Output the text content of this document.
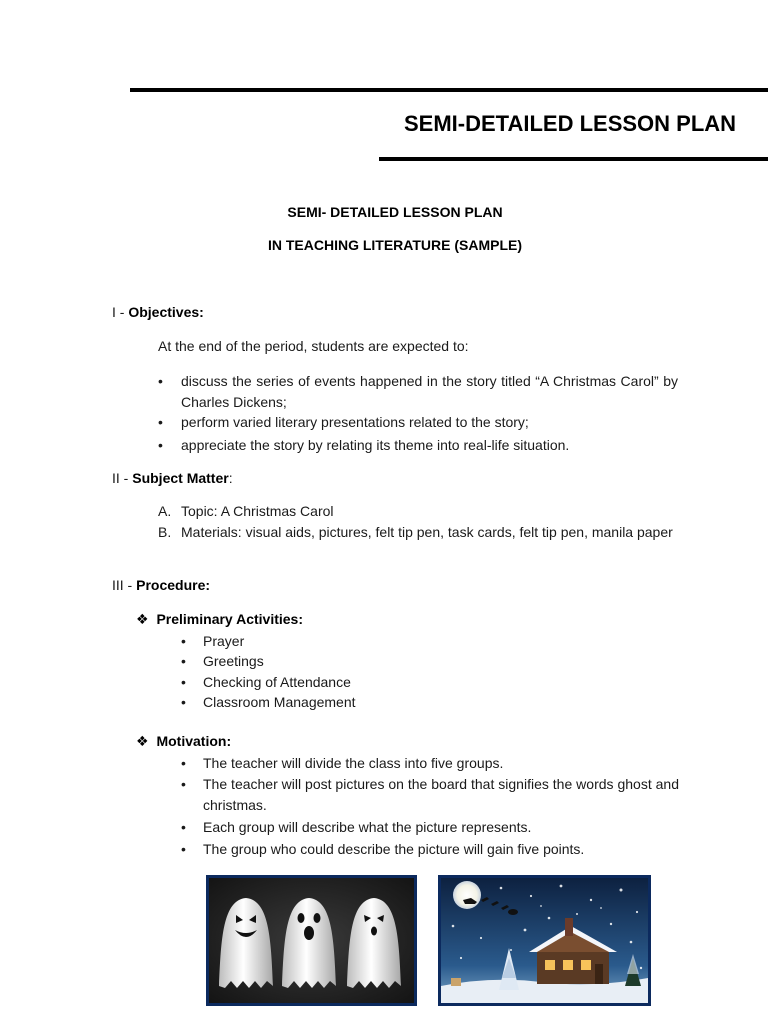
SEMI-DETAILED LESSON PLAN
SEMI- DETAILED LESSON PLAN
IN TEACHING LITERATURE (SAMPLE)
I - Objectives:
At the end of the period, students are expected to:
• discuss the series of events happened in the story titled “A Christmas Carol” by Charles Dickens;
• perform varied literary presentations related to the story;
• appreciate the story by relating its theme into real-life situation.
II - Subject Matter:
A. Topic: A Christmas Carol
B. Materials: visual aids, pictures, felt tip pen, task cards, felt tip pen, manila paper
III - Procedure:
❖ Preliminary Activities:
• Prayer
• Greetings
• Checking of Attendance
• Classroom Management
❖ Motivation:
• The teacher will divide the class into five groups.
• The teacher will post pictures on the board that signifies the words ghost and christmas.
• Each group will describe what the picture represents.
• The group who could describe the picture will gain five points.
